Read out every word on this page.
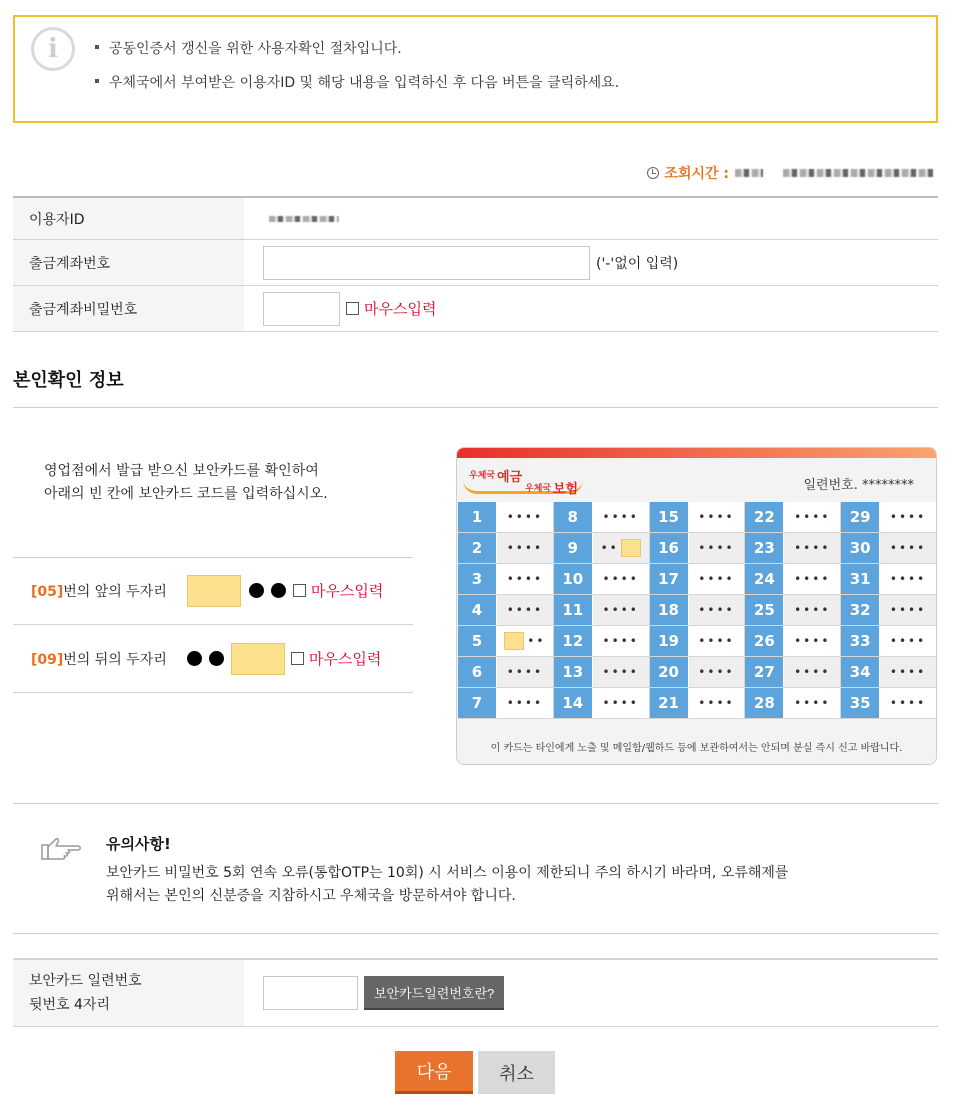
i	공동인증서 갱신을 위한 사용자확인 절차입니다.
우체국에서 부여받은 이용자ID 및 해당 내용을 입력하신 후 다음 버튼을 클릭하세요.
조회시간 :
이용자ID
출금계좌번호	('-'없이 입력)
출금계좌비밀번호	마우스입력
본인확인 정보
영업점에서 발급 받으신 보안카드를 확인하여
아래의 빈 칸에 보안카드 코드를 입력하십시오.
[05]번의 앞의 두자리	마우스입력
[09]번의 뒤의 두자리	마우스입력
우체국 예금
우체국 보험	일련번호. ********
1	••••	8	••••	15	••••	22	••••	29	••••
2	••••	9	••	16	••••	23	••••	30	••••
3	••••	10	••••	17	••••	24	••••	31	••••
4	••••	11	••••	18	••••	25	••••	32	••••
5	••	12	••••	19	••••	26	••••	33	••••
6	••••	13	••••	20	••••	27	••••	34	••••
7	••••	14	••••	21	••••	28	••••	35	••••
이 카드는 타인에게 노출 및 메일함/웹하드 등에 보관하여서는 안되며 분실 즉시 신고 바랍니다.
유의사항!
보안카드 비밀번호 5회 연속 오류(통합OTP는 10회) 시 서비스 이용이 제한되니 주의 하시기 바라며, 오류해제를
위해서는 본인의 신분증을 지참하시고 우체국을 방문하셔야 합니다.
보안카드 일련번호
뒷번호 4자리
보안카드일련번호란?
다음	취소
